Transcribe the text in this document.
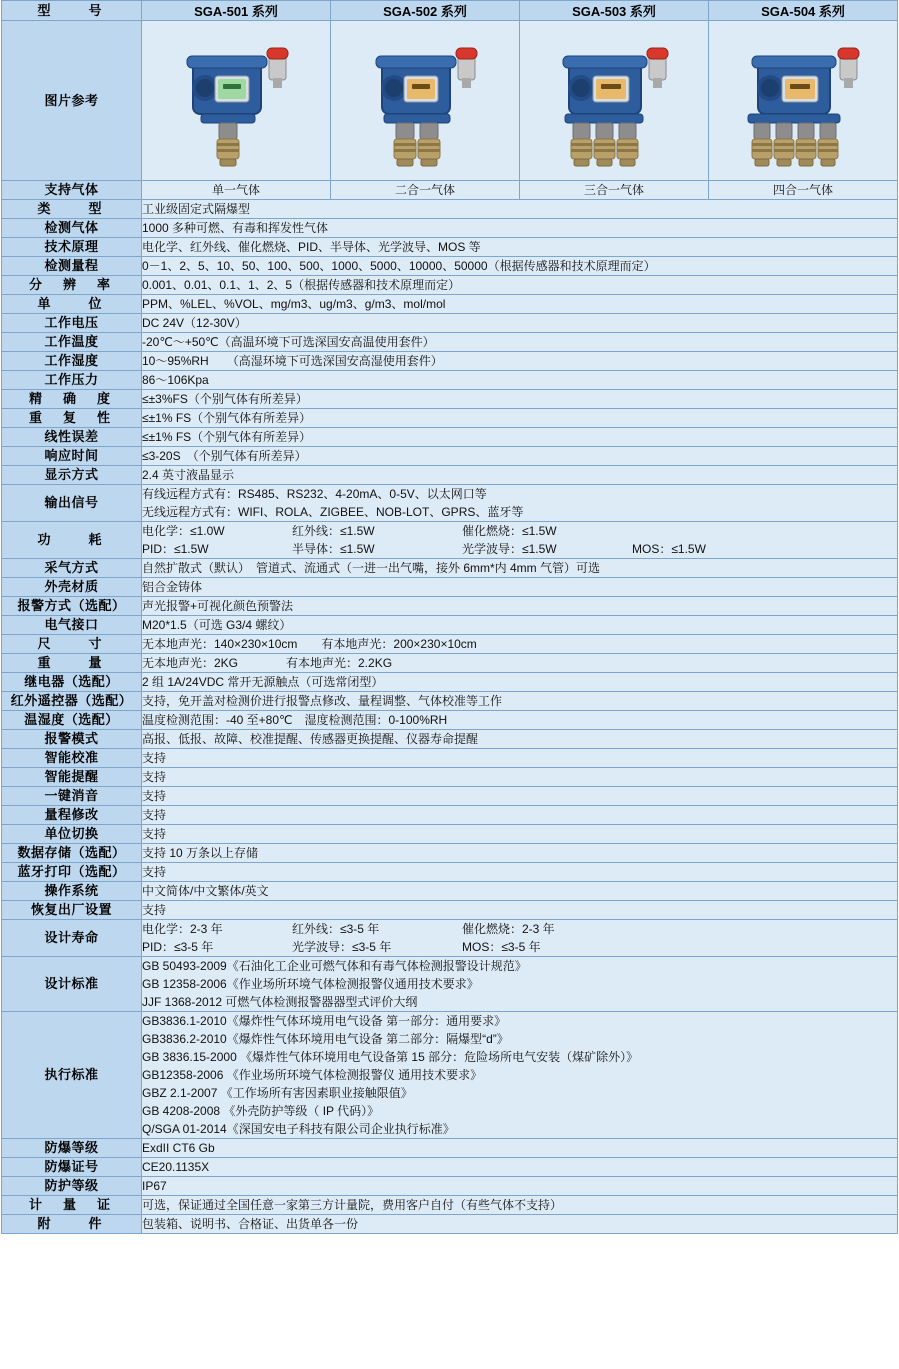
型　　号	SGA-501 系列	SGA-502 系列	SGA-503 系列	SGA-504 系列
图片参考	

支持气体	单一气体	二合一气体	三合一气体	四合一气体
类　　型	工业级固定式隔爆型			

检测气体	1000 多种可燃、有毒和挥发性气体			

技术原理	电化学、红外线、催化燃烧、PID、半导体、光学波导、MOS 等			

检测量程	0－1、2、5、10、50、100、500、1000、5000、10000、50000（根据传感器和技术原理而定）			

分　辨　率	0.001、0.01、0.1、1、2、5（根据传感器和技术原理而定）			

单　　位	PPM、%LEL、%VOL、mg/m3、ug/m3、g/m3、mol/mol			

工作电压	DC 24V（12-30V）			

工作温度	-20℃～+50℃（高温环境下可选深国安高温使用套件）			

工作湿度	10～95%RH　　（高湿环境下可选深国安高湿使用套件）			

工作压力	86～106Kpa			

精　确　度	≤±3%FS（个别气体有所差异）			

重　复　性	≤±1% FS（个别气体有所差异）			

线性误差	≤±1% FS（个别气体有所差异）			

响应时间	≤3-20S　（个别气体有所差异）			

显示方式	2.4 英寸液晶显示			

输出信号	有线远程方式有：RS485、RS232、4-20mA、0-5V、以太网口等
无线远程方式有：WIFI、ROLA、ZIGBEE、NOB-LOT、GPRS、蓝牙等			

功　　耗	
电化学：≤1.0W	红外线：≤1.5W	催化燃烧：≤1.5W
PID：≤1.5W	半导体：≤1.5W	光学波导：≤1.5W	MOS：≤1.5W

采气方式	自然扩散式（默认）　管道式、流通式（一进一出气嘴，接外 6mm*内 4mm 气管）可选			

外壳材质	铝合金铸体			

报警方式（选配）	声光报警+可视化颜色预警法			

电气接口	M20*1.5（可选 G3/4 螺纹）			

尺　　寸	无本地声光：140×230×10cm　　有本地声光：200×230×10cm			

重　　量	无本地声光：2KG　　　　有本地声光：2.2KG			

继电器（选配）	2 组 1A/24VDC 常开无源触点（可选常闭型）			

红外遥控器（选配）	支持，免开盖对检测价进行报警点修改、量程调整、气体校准等工作			

温湿度（选配）	温度检测范围：-40 至+80℃　湿度检测范围：0-100%RH			

报警模式	高报、低报、故障、校准提醒、传感器更换提醒、仪器寿命提醒			

智能校准	支持			

智能提醒	支持			

一键消音	支持			

量程修改	支持			

单位切换	支持			

数据存储（选配）	支持 10 万条以上存储			

蓝牙打印（选配）	支持			

操作系统	中文简体/中文繁体/英文			

恢复出厂设置	支持			

设计寿命	
电化学：2-3 年	红外线：≤3-5 年	催化燃烧：2-3 年
PID：≤3-5 年	光学波导：≤3-5 年	MOS：≤3-5 年

设计标准	GB 50493-2009《石油化工企业可燃气体和有毒气体检测报警设计规范》
GB 12358-2006《作业场所环境气体检测报警仪通用技术要求》
JJF 1368-2012 可燃气体检测报警器器型式评价大纲			

执行标准	
GB3836.1-2010《爆炸性气体环境用电气设备 第一部分：通用要求》
GB3836.2-2010《爆炸性气体环境用电气设备 第二部分：隔爆型“d”》
GB 3836.15-2000 《爆炸性气体环境用电气设备第 15 部分：危险场所电气安装（煤矿除外）》
GB12358-2006 《作业场所环境气体检测报警仪 通用技术要求》
GBZ 2.1-2007 《工作场所有害因素职业接触限值》
GB 4208-2008 《外壳防护等级（ IP 代码）》
Q/SGA 01-2014《深国安电子科技有限公司企业执行标准》

防爆等级	ExdII CT6 Gb			

防爆证号	CE20.1135X			

防护等级	IP67			

计　量　证	可选，保证通过全国任意一家第三方计量院，费用客户自付（有些气体不支持）			

附　　件	包装箱、说明书、合格证、出货单各一份			
